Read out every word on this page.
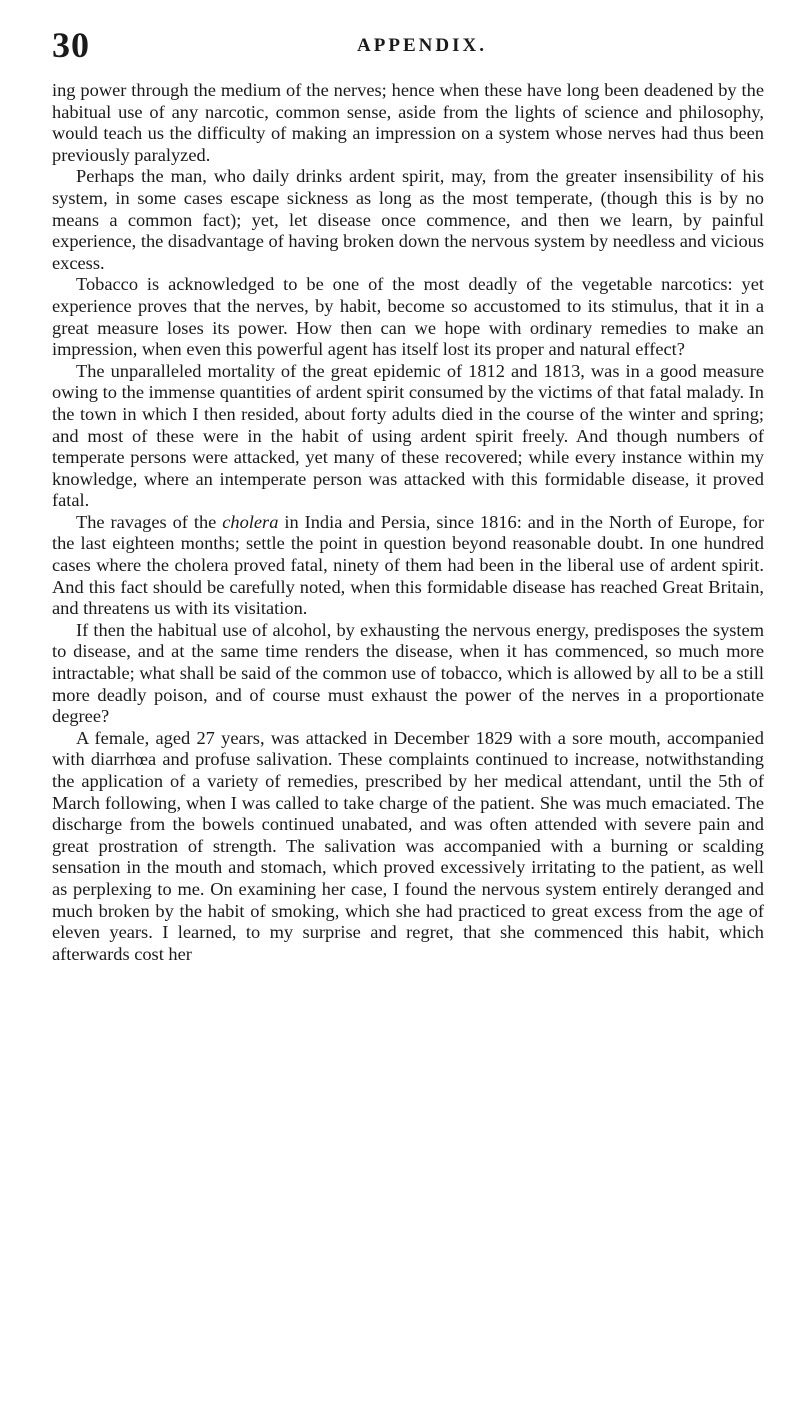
30	APPENDIX.

ing power through the medium of the nerves; hence when these have long been deadened by the habitual use of any narcotic, common sense, aside from the lights of science and philosophy, would teach us the difficulty of making an impression on a system whose nerves had thus been previously paralyzed.

Perhaps the man, who daily drinks ardent spirit, may, from the greater insensibility of his system, in some cases escape sickness as long as the most temperate, (though this is by no means a common fact); yet, let disease once commence, and then we learn, by painful experience, the disadvantage of having broken down the nervous system by needless and vicious excess.

Tobacco is acknowledged to be one of the most deadly of the vegetable narcotics: yet experience proves that the nerves, by habit, become so accustomed to its stimulus, that it in a great measure loses its power. How then can we hope with ordinary remedies to make an impression, when even this powerful agent has itself lost its proper and natural effect?

The unparalleled mortality of the great epidemic of 1812 and 1813, was in a good measure owing to the immense quantities of ardent spirit consumed by the victims of that fatal malady. In the town in which I then resided, about forty adults died in the course of the winter and spring; and most of these were in the habit of using ardent spirit freely. And though numbers of temperate persons were attacked, yet many of these recovered; while every instance within my knowledge, where an intemperate person was attacked with this formidable disease, it proved fatal.

The ravages of the cholera in India and Persia, since 1816: and in the North of Europe, for the last eighteen months; settle the point in question beyond reasonable doubt. In one hundred cases where the cholera proved fatal, ninety of them had been in the liberal use of ardent spirit. And this fact should be carefully noted, when this formidable disease has reached Great Britain, and threatens us with its visitation.

If then the habitual use of alcohol, by exhausting the nervous energy, predisposes the system to disease, and at the same time renders the disease, when it has commenced, so much more intractable; what shall be said of the common use of tobacco, which is allowed by all to be a still more deadly poison, and of course must exhaust the power of the nerves in a proportionate degree?

A female, aged 27 years, was attacked in December 1829 with a sore mouth, accompanied with diarrhœa and profuse salivation. These complaints continued to increase, notwithstanding the application of a variety of remedies, prescribed by her medical attendant, until the 5th of March following, when I was called to take charge of the patient. She was much emaciated. The discharge from the bowels continued unabated, and was often attended with severe pain and great prostration of strength. The salivation was accompanied with a burning or scalding sensation in the mouth and stomach, which proved excessively irritating to the patient, as well as perplexing to me. On examining her case, I found the nervous system entirely deranged and much broken by the habit of smoking, which she had practiced to great excess from the age of eleven years. I learned, to my surprise and regret, that she commenced this habit, which afterwards cost her
